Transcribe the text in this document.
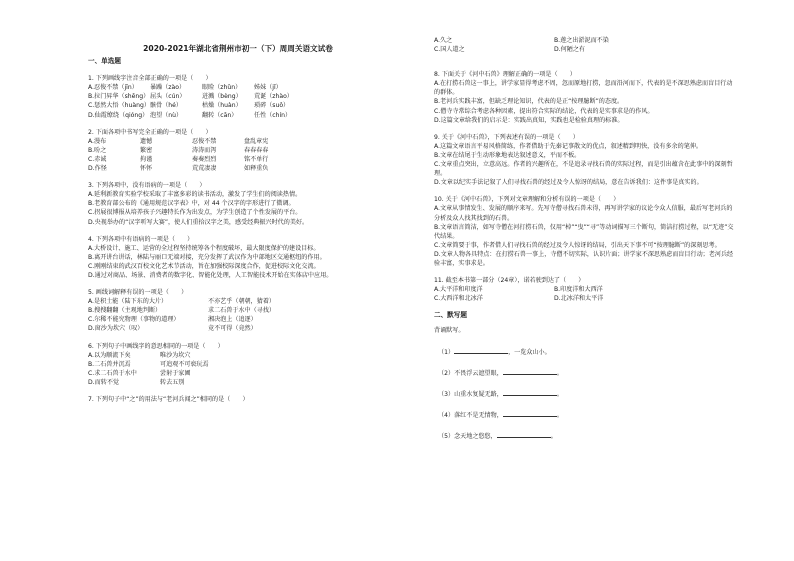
2020-2021年湖北省荆州市初一（下）周周关语文试卷
一、单选题
1. 下列画线字注音全部正确的一项是（　　）
A.忍俊不禁（jīn）	暴躁（zào）	眼睑（zhǔn）	姊妹（jǐ）
B.拉门昇华（shēng） 屈头（cún）	迸溅（bèng）	荒诞（zhào）
C.惩然大悟（huàng） 骸骨（hé）	枯燥（huàn）	琐碎（suǒ）
D.仙霞缭绕（qióng） 泡望（nù）	翻转（cān）	任性（chín）
2. 下面各项中书写完全正确的一项是（　　）
A.漫布	遗憾	忍俊不禁	盘乱章宪
B.吩之	繁密	涛涛而泻	春春春春
C.赤诚	拘谨	奏奏烈烈	铭不单行
D.作怪	怀怀	荒荒凄凄	如释重负
3. 下列各项中，没有语病的一项是（　　）
A.延利新教育实验学校采取了丰富多彩的读书活动，激发了学生们的阅读热情。
B.老教育部公布的《通用规范汉字表》中，对 44 个汉字的字形进行了微调。
C.拐展很博报从培养孩子兴趣特长作为出发点，为学生创造了个性发展的平台。
D.央视举办的“汉字听写大赛”，使人们重拾汉字之美，感受经典振兴时代的美好。
4. 下列各项中有语病的一项是（　　）
A.大桥设计、施工、运营的全过程坚持统筹各个程度破坏，最大限度保护的建设目标。
B.离开讲台讲话，林陆与丽口无端对接，充分发挥了武汉作为中部地区交通枢纽的作用。
C.刚刚结束的武汉百校文化艺术节活动，旨在加强校际深度合作，促进校际文化交流。
D.通过对商品、场景、消费者的数字化、智能化处理，人工智能技术开始在实体店中应用。
5. 画线词解释有误的一项是（　　）
A.是积土能（陆下东的大片）	不亦艺乎（朝朝，猜着）
B.搜搜翻翻（主观地判断）	求二石兽于水中（寻找）
C.尔稀不能究物理（事物的道理）	湘决泡上（追逐）
D.窗沙为坎穴（叹）	竟不可得（竟然）
6. 下列句子中画线字的意思相同的一项是（　　）
A.以为顺流下矣	唯沙为坎穴
B.二石兽并沉焉	可追观不可亵玩焉
C.求二石兽于水中	尝射于家圃
D.而转不觉	转去五别
7. 下列句子中“之”的用法与“老河兵闻之”相同的是（　　）
A.久之	B.莲之出淤泥而不染
C.国人道之	D.何陋之有
8. 下面关于《河中石兽》理解正确的一项是（　　）
A.在打捞石兽这一事上，讲学家显得考虑不周，忽而原地打捞，忽而沿河而下，代表的是不深思熟虑而盲目行动的群体。
B.老河兵实践丰富，但缺乏理论知识，代表的是正“按理臆断”的态度。
C.僧寺寺常综合考虑各种因素，提出符合实际的结论，代表的是实事求是的作风。
D.这篇文章给我们的启示是：实践出真知，实践也是检验真理的标准。
9. 关于《河中石兽》，下列表述有误的一项是（　　）
A.这篇文章语言平易风格简练，作者借助于先秦记事散文的优点，叙述精到明快，没有多余的笔伸。
B.文章在结尾于生动形象地表达叙述意义，平而不板。
C.文章重点突出，立意高远。作者的兴趣所在，不是追录寻找石兽的实际过程，而是引出蕴含在此事中的深刻哲理。
D.文章以纪实手法记叙了人们寻找石兽的经过及令人惊讶的结局，意在告诉我们：这件事是真实的。
10. 关于《河中石兽》，下列对文章理解和分析有误的一项是（　　）
A.文章从事情发生、发展的顺序来写。先写寺僧寻找石兽未得，再写讲学家的议论令众人信服，最后写老河兵的分析及众人找其找到的石兽。
B.文章语言简洁，如写寺僧在河打捞石兽，仅用“棹”“曳”“寻”等动词描写三个断句，简洁打捞过程，以“无迹”交代结果。
C.文章简要于事，作者借人们寻找石兽的经过及令人惊讶的结局，引出天下事不可“按理臆断”的深刻思考。
D.文章人物各具特点：在打捞石兽一事上，寺僧不切实际，认识片面；讲学家不深思熟虑而盲目行动；老河兵经验丰富，实事求是。
11. 截至本书第一部分（24章），诺若驶到达了（　　）
A.大平洋和印度洋	B.印度洋和大西洋
C.大西洋和北冰洋	D.北冰洋和太平洋
二、默写题
背诵默写。
（1）	，一览众山小。
（2）不畏浮云遮望眼，	。
（3）山重水复疑无路，	。
（4）落红不是无情物，	。
（5）念天地之悠悠，	。
